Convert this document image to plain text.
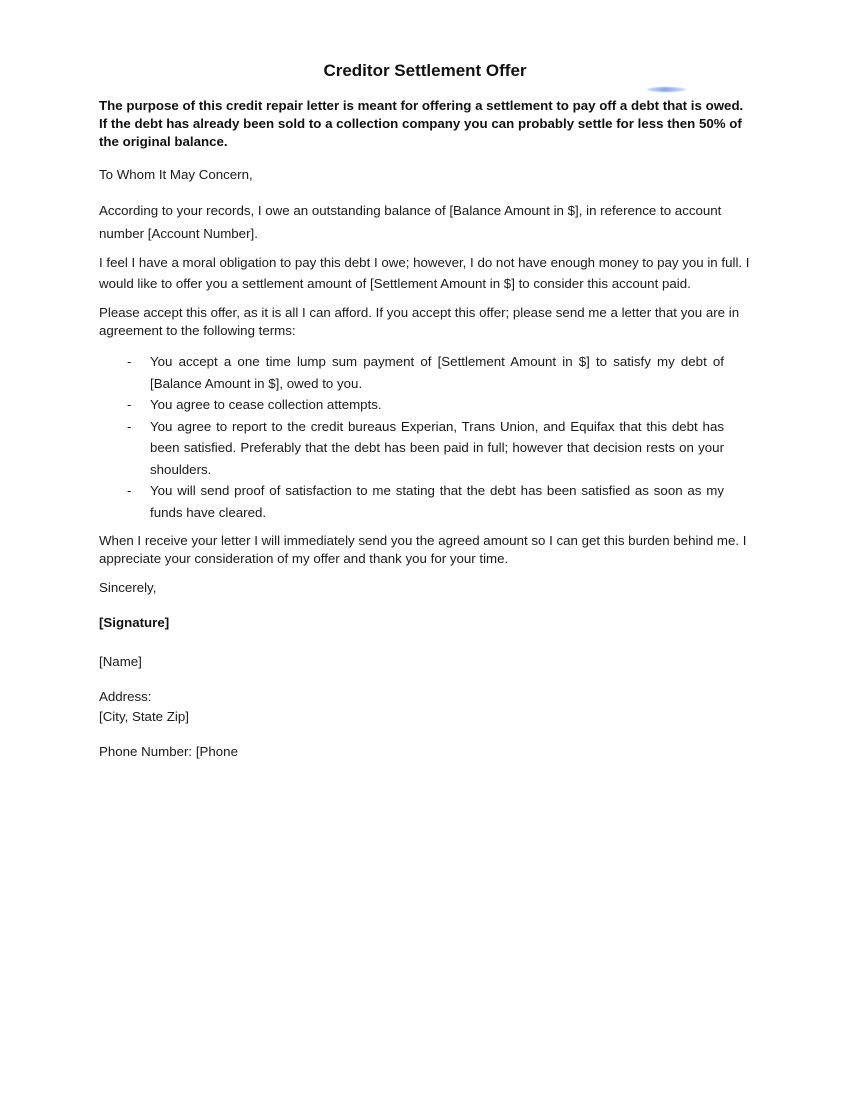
Creditor Settlement Offer

The purpose of this credit repair letter is meant for offering a settlement to pay off a debt that is owed. If the debt has already been sold to a collection company you can probably settle for less then 50% of the original balance.

To Whom It May Concern,

According to your records, I owe an outstanding balance of [Balance Amount in $], in reference to account number [Account Number].

I feel I have a moral obligation to pay this debt I owe; however, I do not have enough money to pay you in full. I would like to offer you a settlement amount of [Settlement Amount in $] to consider this account paid.

Please accept this offer, as it is all I can afford. If you accept this offer; please send me a letter that you are in agreement to the following terms:

-	You accept a one time lump sum payment of [Settlement Amount in $] to satisfy my debt of [Balance Amount in $], owed to you.
-	You agree to cease collection attempts.
-	You agree to report to the credit bureaus Experian, Trans Union, and Equifax that this debt has been satisfied. Preferably that the debt has been paid in full; however that decision rests on your shoulders.
-	You will send proof of satisfaction to me stating that the debt has been satisfied as soon as my funds have cleared.

When I receive your letter I will immediately send you the agreed amount so I can get this burden behind me. I appreciate your consideration of my offer and thank you for your time.

Sincerely,

[Signature]

[Name]

Address:

[City, State Zip]

Phone Number: [Phone
